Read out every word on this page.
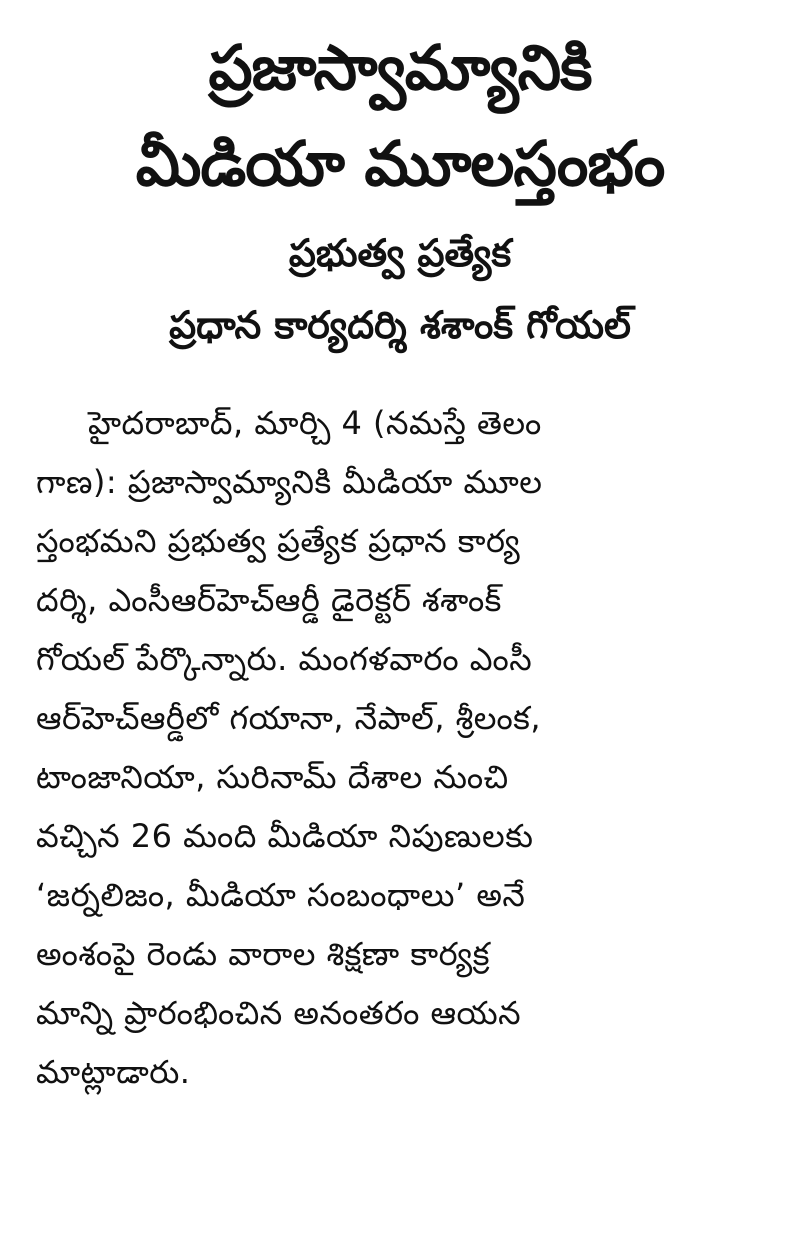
ప్రజాస్వామ్యానికి
మీడియా మూలస్తంభం
ప్రభుత్వ ప్రత్యేక
ప్రధాన కార్యదర్శి శశాంక్ గోయల్
హైదరాబాద్, మార్చి 4 (నమస్తే తెలం
గాణ): ప్రజాస్వామ్యానికి మీడియా మూల
స్తంభమని ప్రభుత్వ ప్రత్యేక ప్రధాన కార్య
దర్శి, ఎంసీఆర్‌హెచ్‌ఆర్డీ డైరెక్టర్ శశాంక్
గోయల్ పేర్కొన్నారు. మంగళవారం ఎంసీ
ఆర్‌హెచ్‌ఆర్డీలో గయానా, నేపాల్, శ్రీలంక,
టాంజానియా, సురినామ్ దేశాల నుంచి
వచ్చిన 26 మంది మీడియా నిపుణులకు
‘జర్నలిజం, మీడియా సంబంధాలు’ అనే
అంశంపై రెండు వారాల శిక్షణా కార్యక్ర
మాన్ని ప్రారంభించిన అనంతరం ఆయన
మాట్లాడారు.
